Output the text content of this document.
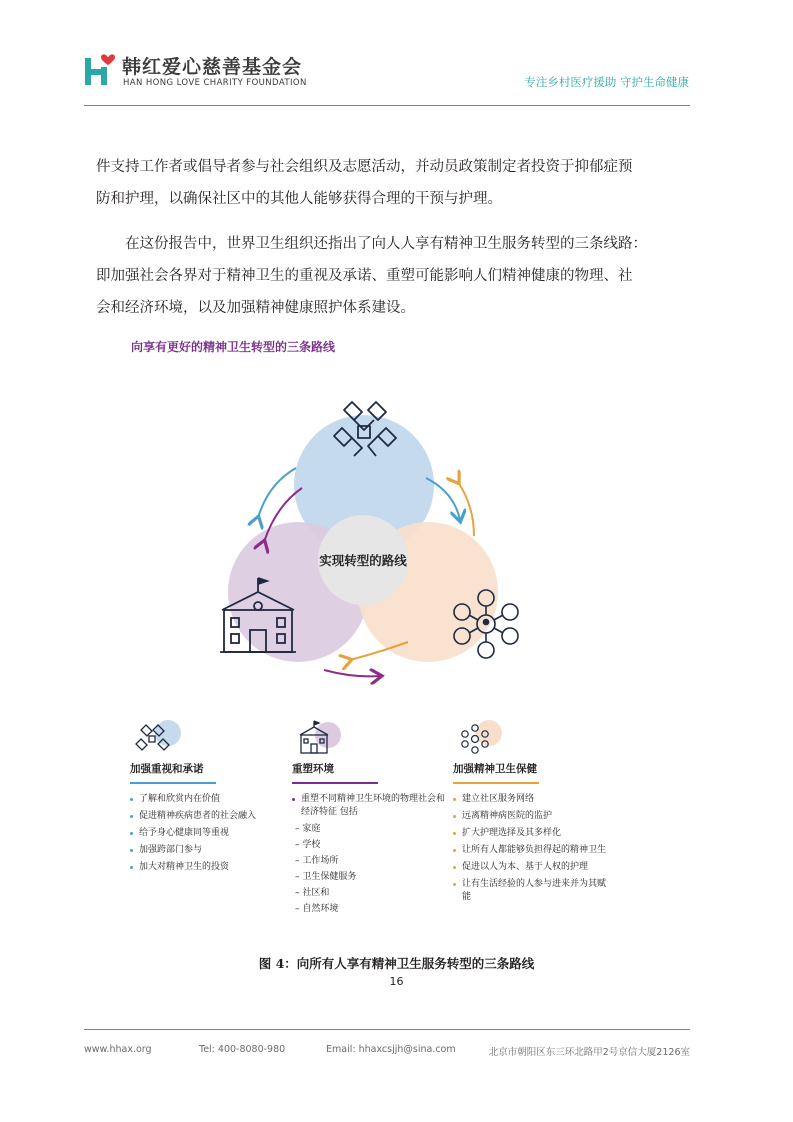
韩红爱心慈善基金会
HAN HONG LOVE CHARITY FOUNDATION	专注乡村医疗援助 守护生命健康
件支持工作者或倡导者参与社会组织及志愿活动，并动员政策制定者投资于抑郁症预
防和护理，以确保社区中的其他人能够获得合理的干预与护理。
在这份报告中，世界卫生组织还指出了向人人享有精神卫生服务转型的三条线路：
即加强社会各界对于精神卫生的重视及承诺、重塑可能影响人们精神健康的物理、社
会和经济环境，以及加强精神健康照护体系建设。
向享有更好的精神卫生转型的三条路线
实现转型的路线
加强重视和承诺
了解和欣赏内在价值
促进精神疾病患者的社会融入
给予身心健康同等重视
加强跨部门参与
加大对精神卫生的投资
重塑环境
重塑不同精神卫生环境的物理社会和经济特征 包括
– 家庭
– 学校
– 工作场所
– 卫生保健服务
– 社区和
– 自然环境
加强精神卫生保健
建立社区服务网络
远离精神病医院的监护
扩大护理选择及其多样化
让所有人都能够负担得起的精神卫生
促进以人为本、基于人权的护理
让有生活经验的人参与进来并为其赋能
图 4：向所有人享有精神卫生服务转型的三条路线
16
www.hhax.org	Tel: 400-8080-980	Email: hhaxcsjjh@sina.com	北京市朝阳区东三环北路甲2号京信大厦2126室
